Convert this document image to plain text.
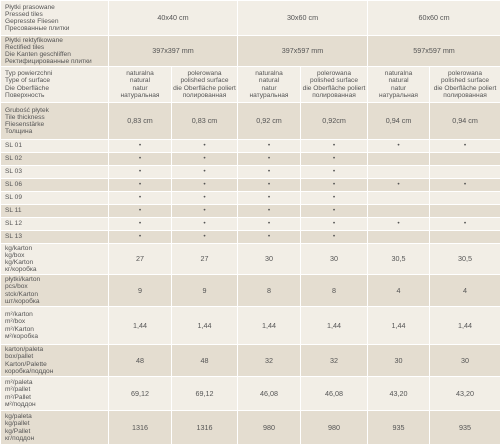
Płytki prasowane
Pressed tiles
Gepresste Fliesen
Пресованные плитки	40x40 cm		30x60 cm		60x60 cm	

Płytki rektyfikowane
Rectified tiles
Die Kanten geschliffen
Ректифицированные плитки	397x397 mm		397x597 mm		597x597 mm	

Typ powierzchni
Type of surface
Die Oberfläche
Поверхность	naturalna
natural
natur
натуральная	polerowana
polished surface
die Oberfläche poliert
полированная	naturalna
natural
natur
натуральная	polerowana
polished surface
die Oberfläche poliert
полированная	naturalna
natural
natur
натуральная	polerowana
polished surface
die Oberfläche poliert
полированная

Grubość płytek
Tile thickness
Fliesenstärke
Толщина	0,83 cm	0,83 cm	0,92 cm	0,92cm	0,94 cm	0,94 cm
SL 01	•	•	•	•	•	•
SL 02	•	•	•	•		
SL 03	•	•	•	•		
SL 06	•	•	•	•	•	•
SL 09	•	•	•	•		
SL 11	•	•	•	•		
SL 12	•	•	•	•	•	•
SL 13	•	•	•	•		

kg/karton
kg/box
kg/Karton
кг/коробка	27	27	30	30	30,5	30,5

płytki/karton
pcs/box
stck/Karton
шт/коробка	9	9	8	8	4	4

m²/karton
m²/box
m²/Karton
м²/коробка	1,44	1,44	1,44	1,44	1,44	1,44

karton/paleta
box/pallet
Karton/Palette
коробка/поддон	48	48	32	32	30	30

m²/paleta
m²/pallet
m²/Pallet
м²/поддон	69,12	69,12	46,08	46,08	43,20	43,20

kg/paleta
kg/pallet
kg/Pallet
кг/поддон	1316	1316	980	980	935	935
